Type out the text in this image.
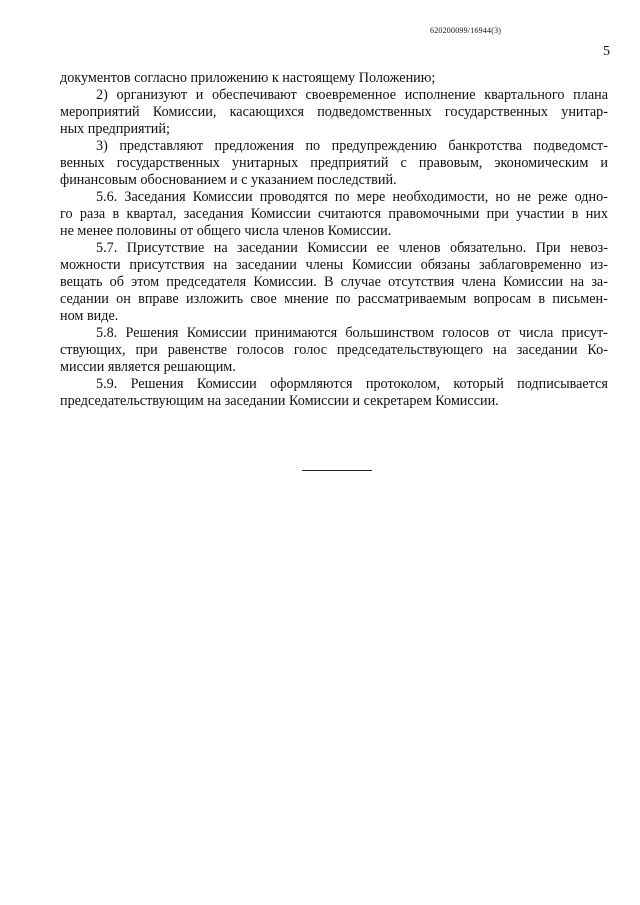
620200099/16944(3)
5
документов согласно приложению к настоящему Положению;
2) организуют и обеспечивают своевременное исполнение квартального плана
мероприятий Комиссии, касающихся подведомственных государственных унитар-
ных предприятий;
3) представляют предложения по предупреждению банкротства подведомст-
венных государственных унитарных предприятий с правовым, экономическим и
финансовым обоснованием и с указанием последствий.
5.6. Заседания Комиссии проводятся по мере необходимости, но не реже одно-
го раза в квартал, заседания Комиссии считаются правомочными при участии в них
не менее половины от общего числа членов Комиссии.
5.7. Присутствие на заседании Комиссии ее членов обязательно. При невоз-
можности присутствия на заседании члены Комиссии обязаны заблаговременно из-
вещать об этом председателя Комиссии. В случае отсутствия члена Комиссии на за-
седании он вправе изложить свое мнение по рассматриваемым вопросам в письмен-
ном виде.
5.8. Решения Комиссии принимаются большинством голосов от числа присут-
ствующих, при равенстве голосов голос председательствующего на заседании Ко-
миссии является решающим.
5.9. Решения Комиссии оформляются протоколом, который подписывается
председательствующим на заседании Комиссии и секретарем Комиссии.
